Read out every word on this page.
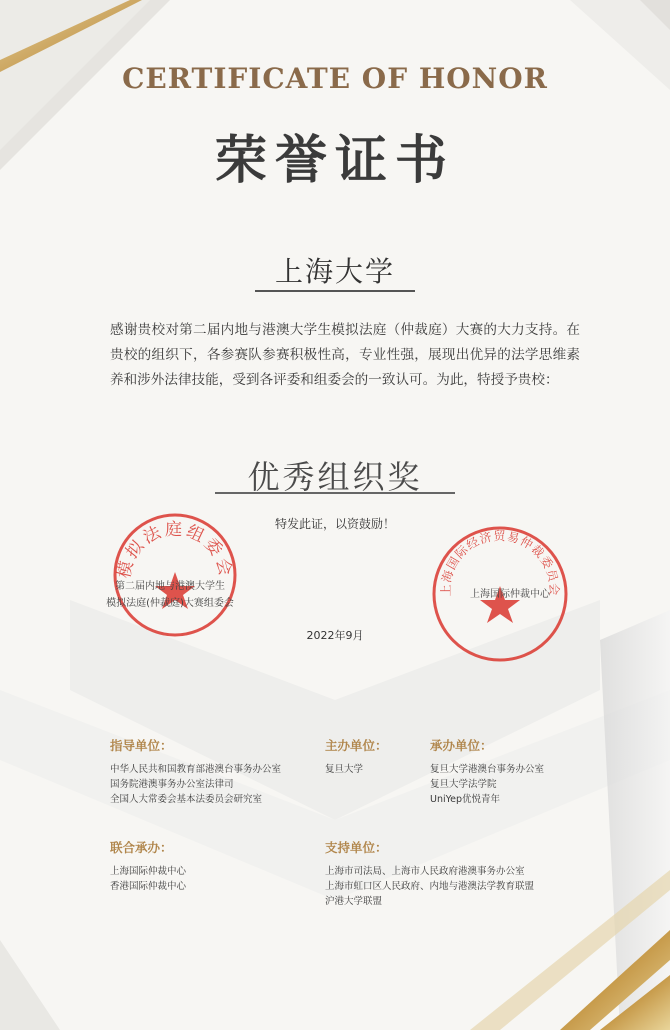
CERTIFICATE OF HONOR
荣誉证书
上海大学
感谢贵校对第二届内地与港澳大学生模拟法庭（仲裁庭）大赛的大力支持。在贵校的组织下，各参赛队参赛积极性高，专业性强，展现出优异的法学思维素养和涉外法律技能，受到各评委和组委会的一致认可。为此，特授予贵校：
优秀组织奖
特发此证，以资鼓励！
模拟法庭组委会
上海国际经济贸易仲裁委员会
第二届内地与港澳大学生
模拟法庭(仲裁庭)大赛组委会
上海国际仲裁中心
2022年9月
指导单位：
中华人民共和国教育部港澳台事务办公室
国务院港澳事务办公室法律司
全国人大常委会基本法委员会研究室
主办单位：
复旦大学
承办单位：
复旦大学港澳台事务办公室
复旦大学法学院
UniYep优悦青年
联合承办：
上海国际仲裁中心
香港国际仲裁中心
支持单位：
上海市司法局、上海市人民政府港澳事务办公室
上海市虹口区人民政府、内地与港澳法学教育联盟
沪港大学联盟
